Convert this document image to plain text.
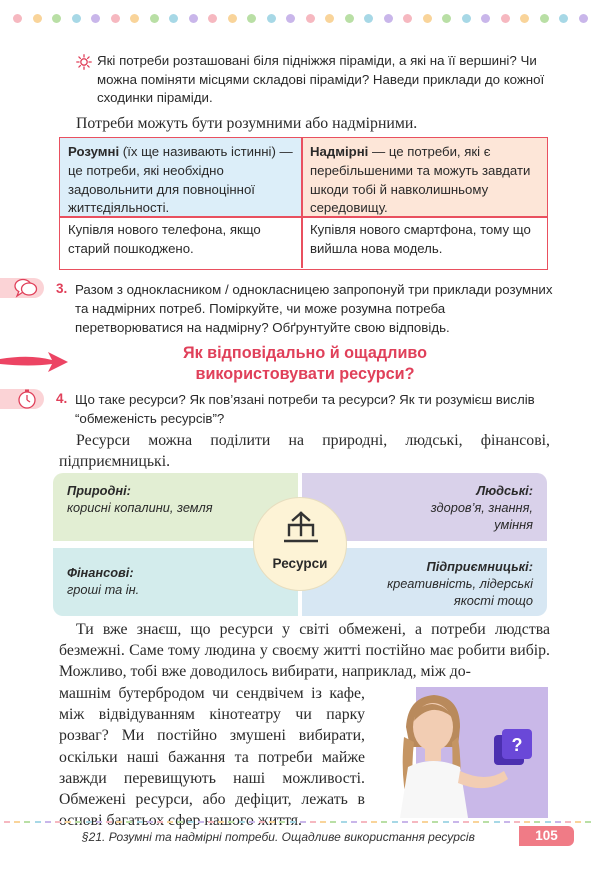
Які потреби розташовані біля підніжжя піраміди, а які на її вершині? Чи можна поміняти місцями складові піраміди? Наведи приклади до кожної сходинки піраміди.
Потреби можуть бути розумними або надмірними.
Розумні (їх ще називають істинні) — це потреби, які необхідно задовольнити для повноцінної життєдіяльності.
Надмірні — це потреби, які є перебільшеними та можуть завдати шкоди тобі й навколишньому середовищу.
Купівля нового телефона, якщо старий пошкоджено.
Купівля нового смартфона, тому що вийшла нова модель.
3. Разом з однокласником / однокласницею запропонуй три приклади розумних та надмірних потреб. Поміркуйте, чи може розумна потреба перетворюватися на надмірну? Обґрунтуйте свою відповідь.
Як відповідально й ощадливо
використовувати ресурси?
4. Що таке ресурси? Як пов’язані потреби та ресурси? Як ти розумієш вислів “обмеженість ресурсів”?
Ресурси можна поділити на природні, людські, фінансові, підприємницькі.
Природні:
корисні копалини, земля
Людські:
здоров’я, знання, уміння
Фінансові:
гроші та ін.
Підприємницькі:
креативність, лідерські якості тощо
Ресурси
Ти вже знаєш, що ресурси у світі обмежені, а потреби людства безмежні. Саме тому людина у своєму житті постійно має робити вибір. Можливо, тобі вже доводилось вибирати, наприклад, між до-
машнім бутербродом чи сендвічем із кафе, між відвідуванням кінотеатру чи парку розваг? Ми постійно змушені вибирати, оскільки наші бажання та потреби майже завжди перевищують наші можливості. Обмежені ресурси, або дефіцит, лежать в багатьох сфер
?
§21. Розумні та надмірні потреби. Ощадливе використання ресурсів	105
